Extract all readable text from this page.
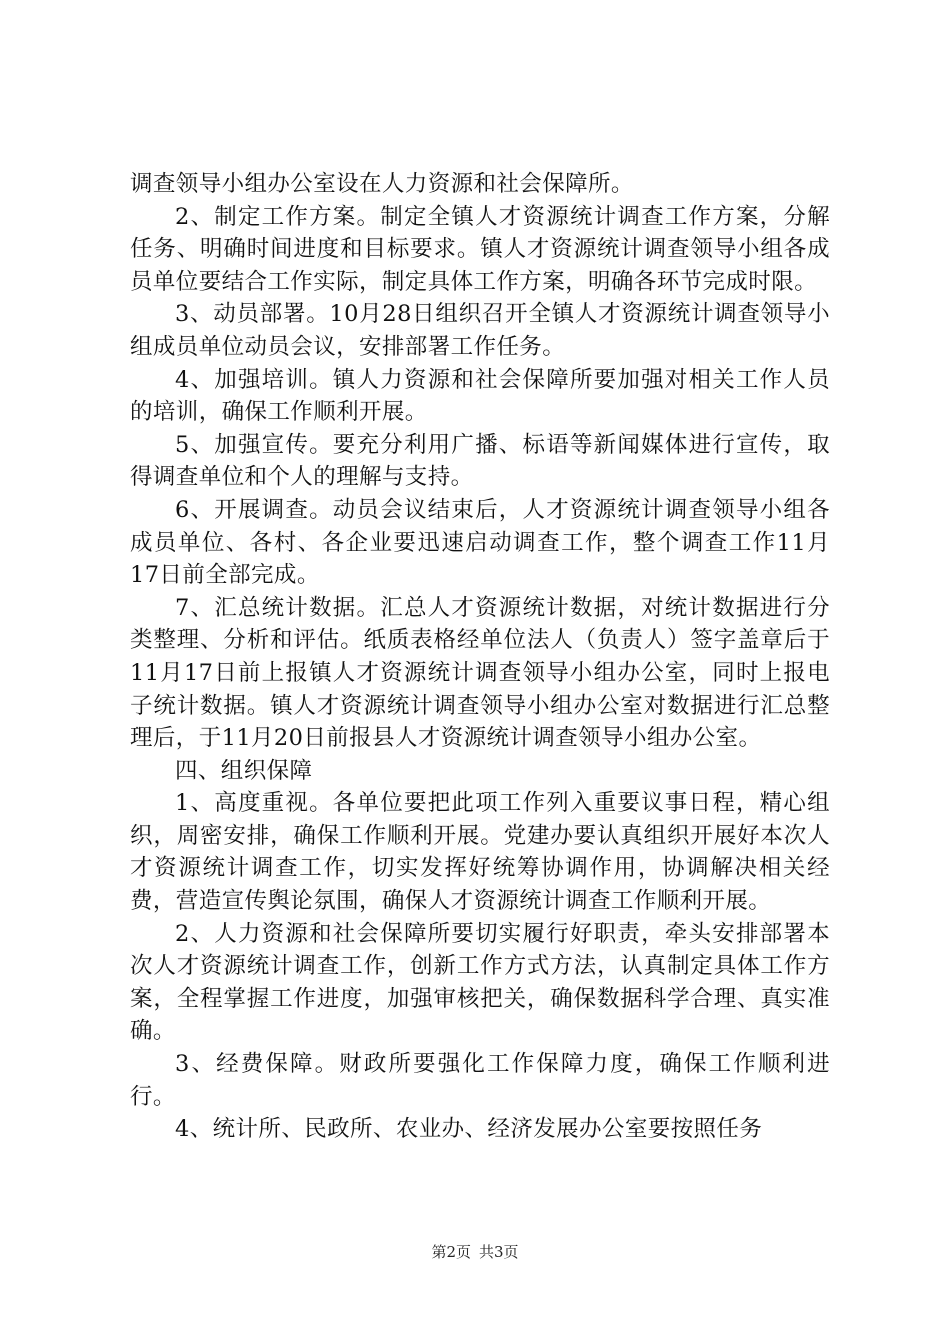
调查领导小组办公室设在人力资源和社会保障所。

2、制定工作方案。制定全镇人才资源统计调查工作方案，分解任务、明确时间进度和目标要求。镇人才资源统计调查领导小组各成员单位要结合工作实际，制定具体工作方案，明确各环节完成时限。

3、动员部署。10月28日组织召开全镇人才资源统计调查领导小组成员单位动员会议，安排部署工作任务。

4、加强培训。镇人力资源和社会保障所要加强对相关工作人员的培训，确保工作顺利开展。

5、加强宣传。要充分利用广播、标语等新闻媒体进行宣传，取得调查单位和个人的理解与支持。

6、开展调查。动员会议结束后，人才资源统计调查领导小组各成员单位、各村、各企业要迅速启动调查工作，整个调查工作11月17日前全部完成。

7、汇总统计数据。汇总人才资源统计数据，对统计数据进行分类整理、分析和评估。纸质表格经单位法人（负责人）签字盖章后于11月17日前上报镇人才资源统计调查领导小组办公室，同时上报电子统计数据。镇人才资源统计调查领导小组办公室对数据进行汇总整理后，于11月20日前报县人才资源统计调查领导小组办公室。

四、组织保障

1、高度重视。各单位要把此项工作列入重要议事日程，精心组织，周密安排，确保工作顺利开展。党建办要认真组织开展好本次人才资源统计调查工作，切实发挥好统筹协调作用，协调解决相关经费，营造宣传舆论氛围，确保人才资源统计调查工作顺利开展。

2、人力资源和社会保障所要切实履行好职责，牵头安排部署本次人才资源统计调查工作，创新工作方式方法，认真制定具体工作方案，全程掌握工作进度，加强审核把关，确保数据科学合理、真实准确。

3、经费保障。财政所要强化工作保障力度，确保工作顺利进行。

4、统计所、民政所、农业办、经济发展办公室要按照任务

第2页 共3页
